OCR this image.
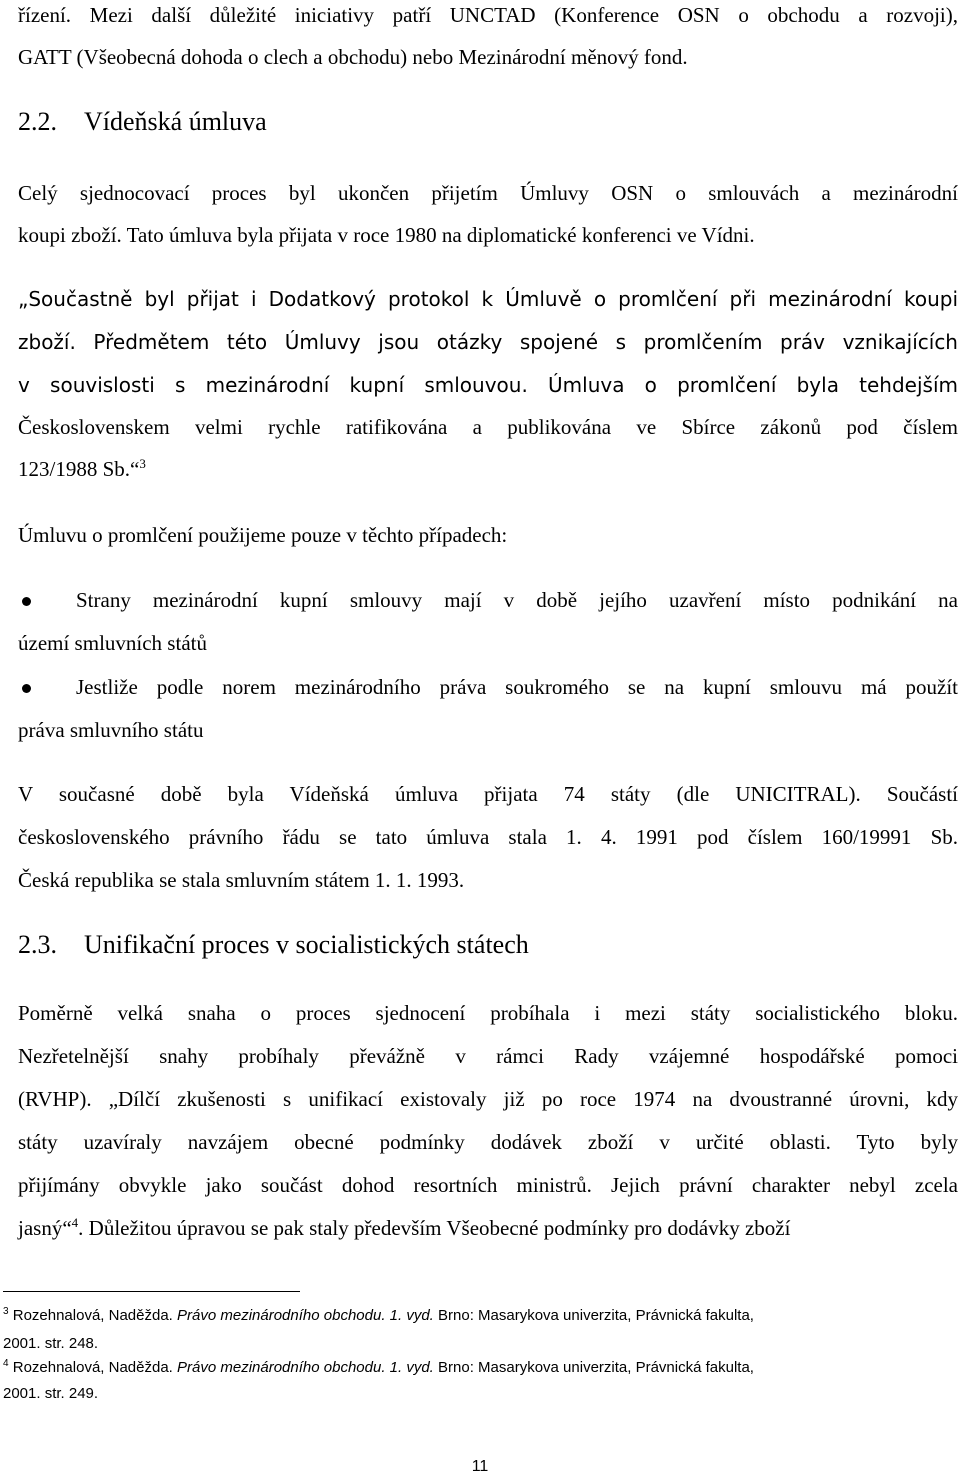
řízení. Mezi další důležité iniciativy patří UNCTAD (Konference OSN o obchodu a rozvoji),
GATT (Všeobecná dohoda o clech a obchodu) nebo Mezinárodní měnový fond.
2.2. Vídeňská úmluva
Celý sjednocovací proces byl ukončen přijetím Úmluvy OSN o smlouvách a mezinárodní
koupi zboží. Tato úmluva byla přijata v roce 1980 na diplomatické konferenci ve Vídni.
„Součastně byl přijat i Dodatkový protokol k Úmluvě o promlčení při mezinárodní koupi
zboží. Předmětem této Úmluvy jsou otázky spojené s promlčením práv vznikajících
v souvislosti s mezinárodní kupní smlouvou. Úmluva o promlčení byla tehdejším
Československem velmi rychle ratifikována a publikována ve Sbírce zákonů pod číslem
123/1988 Sb.“$^3$
Úmluvu o promlčení použijeme pouze v těchto případech:
Strany mezinárodní kupní smlouvy mají v době jejího uzavření místo podnikání na
území smluvních států
Jestliže podle norem mezinárodního práva soukromého se na kupní smlouvu má použít
práva smluvního státu
V současné době byla Vídeňská úmluva přijata 74 státy (dle UNICITRAL). Součástí
československého právního řádu se tato úmluva stala 1. 4. 1991 pod číslem 160/19991 Sb.
Česká republika se stala smluvním státem 1. 1. 1993.
2.3. Unifikační proces v socialistických státech
Poměrně velká snaha o proces sjednocení probíhala i mezi státy socialistického bloku.
Nezřetelnější snahy probíhaly převážně v rámci Rady vzájemné hospodářské pomoci
(RVHP). „Dílčí zkušenosti s unifikací existovaly již po roce 1974 na dvoustranné úrovni, kdy
státy uzavíraly navzájem obecné podmínky dodávek zboží v určité oblasti. Tyto byly
přijímány obvykle jako součást dohod resortních ministrů. Jejich právní charakter nebyl zcela
jasný“$^4$. Důležitou úpravou se pak staly především Všeobecné podmínky pro dodávky zboží
$^3$ Rozehnalová, Naděžda. Právo mezinárodního obchodu. 1. vyd. Brno: Masarykova univerzita, Právnická fakulta,
2001. str. 248.
$^4$ Rozehnalová, Naděžda. Právo mezinárodního obchodu. 1. vyd. Brno: Masarykova univerzita, Právnická fakulta,
2001. str. 249.
11
